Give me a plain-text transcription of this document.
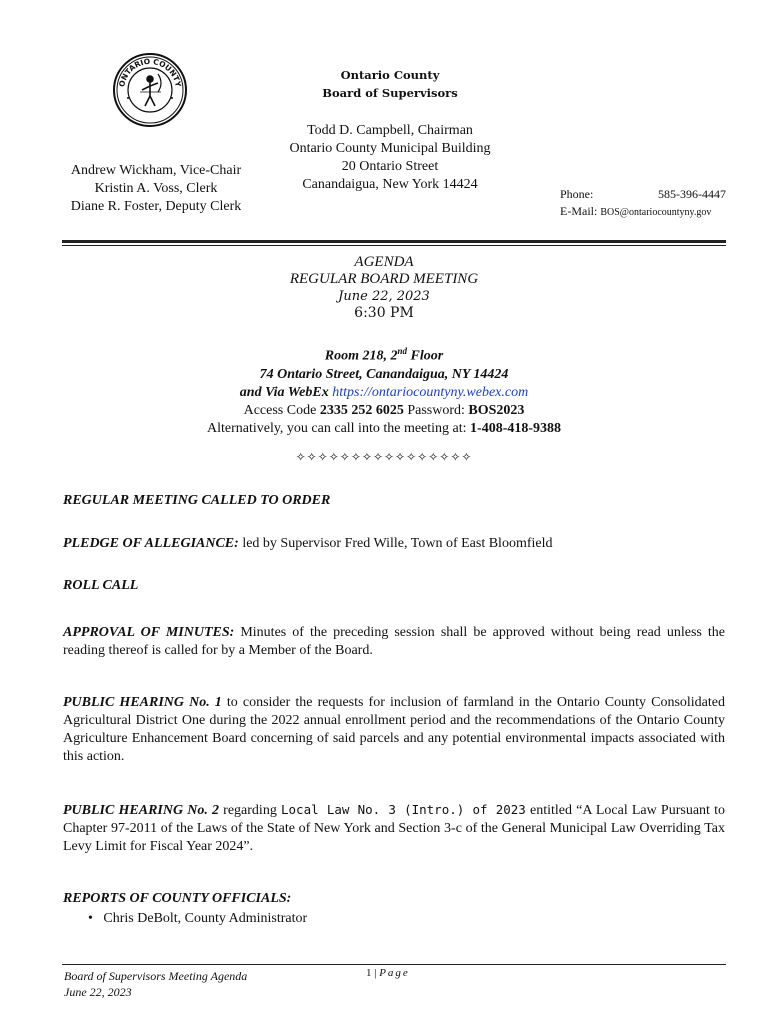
ONTARIO COUNTY
Ontario County
Board of Supervisors
Todd D. Campbell, Chairman
Ontario County Municipal Building
20 Ontario Street
Canandaigua, New York 14424
Andrew Wickham, Vice-Chair
Kristin A. Voss, Clerk
Diane R. Foster, Deputy Clerk
Phone:	585-396-4447
E-Mail: BOS@ontariocountyny.gov
AGENDA
REGULAR BOARD MEETING
June 22, 2023
6:30 PM
Room 218, 2nd Floor
74 Ontario Street, Canandaigua, NY 14424
and Via WebEx https://ontariocountyny.webex.com
Access Code 2335 252 6025 Password: BOS2023
Alternatively, you can call into the meeting at: 1-408-418-9388
✧✧✧✧✧✧✧✧✧✧✧✧✧✧✧✧
REGULAR MEETING CALLED TO ORDER
PLEDGE OF ALLEGIANCE: led by Supervisor Fred Wille, Town of East Bloomfield
ROLL CALL
APPROVAL OF MINUTES: Minutes of the preceding session shall be approved without being read unless the reading thereof is called for by a Member of the Board.
PUBLIC HEARING No. 1 to consider the requests for inclusion of farmland in the Ontario County Consolidated Agricultural District One during the 2022 annual enrollment period and the recommendations of the Ontario County Agriculture Enhancement Board concerning of said parcels and any potential environmental impacts associated with this action.
PUBLIC HEARING No. 2 regarding Local Law No. 3 (Intro.) of 2023 entitled “A Local Law Pursuant to Chapter 97-2011 of the Laws of the State of New York and Section 3-c of the General Municipal Law Overriding Tax Levy Limit for Fiscal Year 2024”.
REPORTS OF COUNTY OFFICIALS:
• Chris DeBolt, County Administrator
Board of Supervisors Meeting Agenda
June 22, 2023
1 | Page
